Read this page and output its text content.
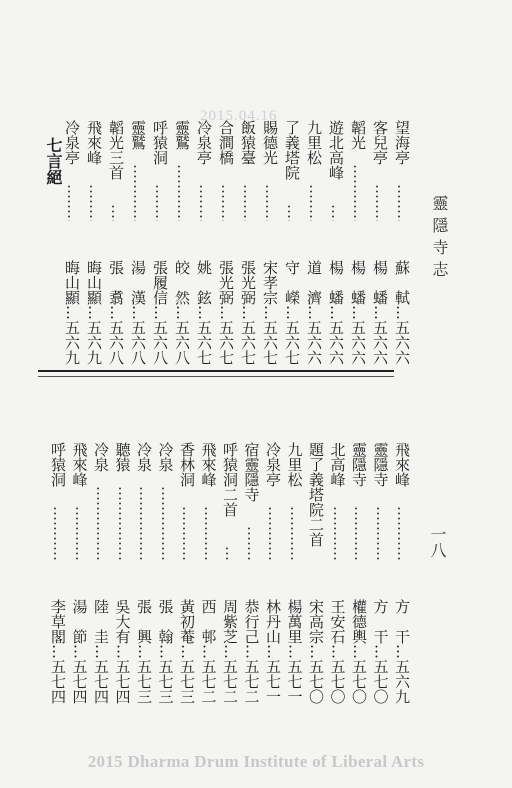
2015.04.16
靈隱寺志
一八
望海亭
蘇　軾…五六六
客兒亭
楊　蟠…五六六
韜光
楊　蟠…五六六
遊北高峰
楊　蟠…五六六
九里松
道　濟…五六六
了義塔院
守　嶸…五六七
賜德光
宋孝宗…五六七
飯猿臺
張光弼…五六七
合澗橋
張光弼…五六七
冷泉亭
姚　鉉…五六七
靈鷲
皎　然…五六八
呼猿洞
張履信…五六八
靈鷲
湯　漢…五六八
韜光三首
張　翥…五六八
飛來峰
晦山顯…五六九
冷泉亭
晦山顯…五六九
七言絕
飛來峰
方　干…五六九
靈隱寺
方　干…五七〇
靈隱寺
權德輿…五七〇
北高峰
王安石…五七〇
題了義塔院二首
宋高宗…五七〇
九里松
楊萬里…五七一
冷泉亭
林丹山…五七一
宿靈隱寺
恭行己…五七二
呼猿洞二首
周紫芝…五七二
飛來峰
西　邨…五七二
香林洞
黃初菴…五七三
冷泉
張　翰…五七三
冷泉
張　興…五七三
聽猿
吳大有…五七四
冷泉
陸　圭…五七四
飛來峰
湯　節…五七四
呼猿洞
李草閣…五七四
2015 Dharma Drum Institute of Liberal Arts
